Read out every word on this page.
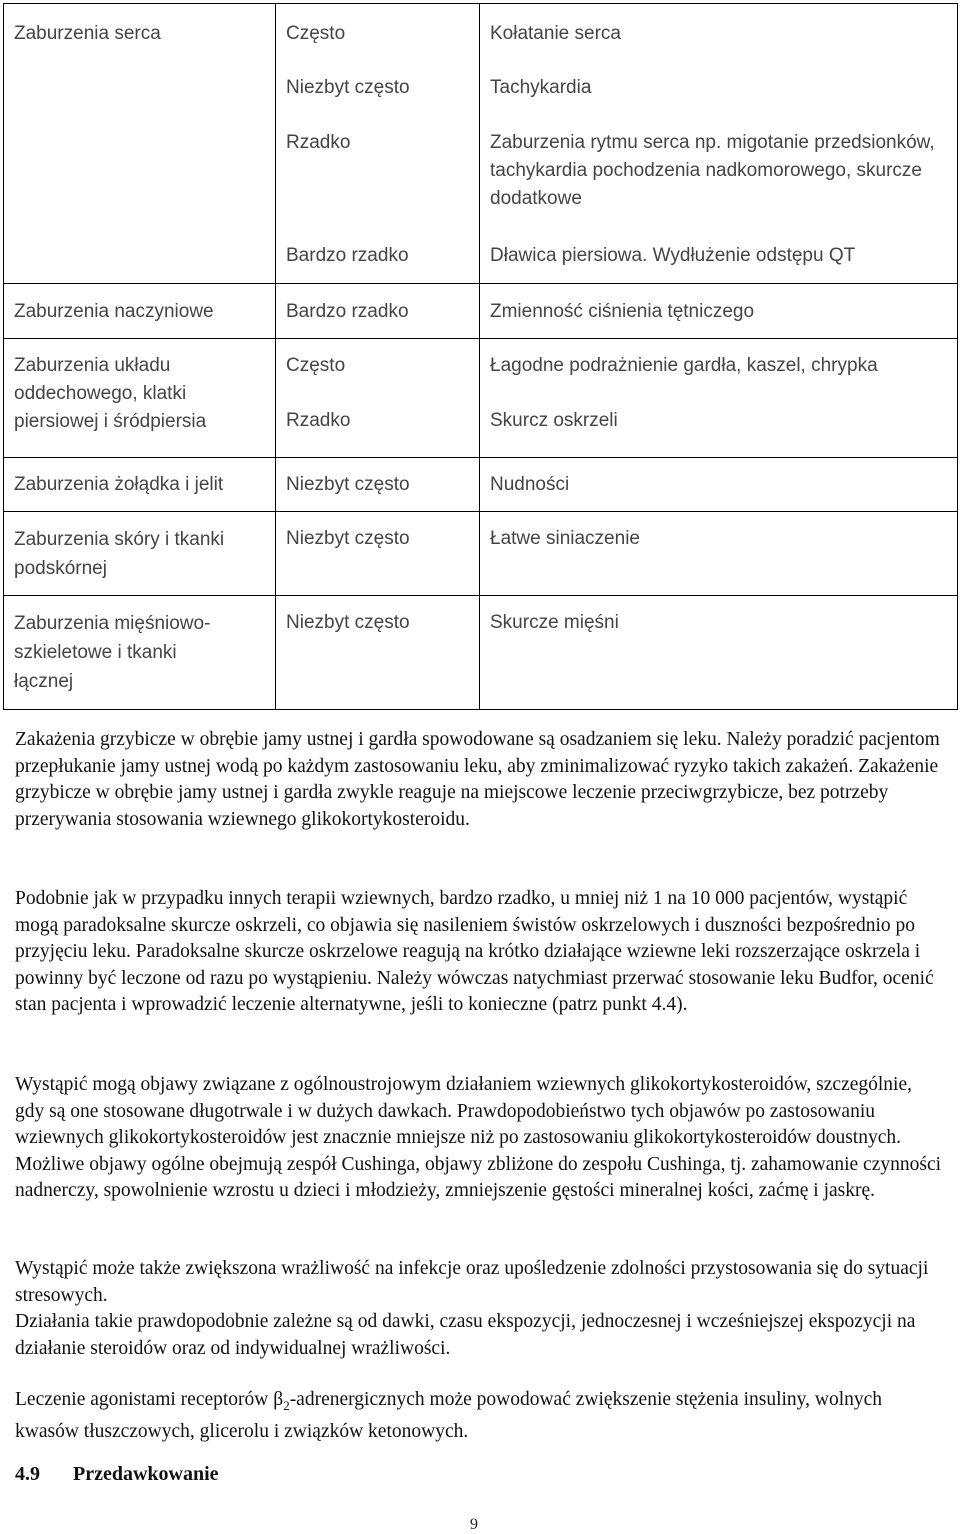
Zaburzenia serca	Często	Kołatanie serca

	Niezbyt często	Tachykardia

	Rzadko	Zaburzenia rytmu serca np. migotanie przedsionków, tachykardia pochodzenia nadkomorowego, skurcze dodatkowe

	Bardzo rzadko	Dławica piersiowa. Wydłużenie odstępu QT

Zaburzenia naczyniowe	Bardzo rzadko	Zmienność ciśnienia tętniczego

Zaburzenia układu oddechowego, klatki piersiowej i śródpiersia	Często	Łagodne podrażnienie gardła, kaszel, chrypka

	Rzadko	Skurcz oskrzeli

Zaburzenia żołądka i jelit	Niezbyt często	Nudności

Zaburzenia skóry i tkanki podskórnej	Niezbyt często	Łatwe siniaczenie

Zaburzenia mięśniowo-szkieletowe i tkanki łącznej	Niezbyt często	Skurcze mięśni
Zakażenia grzybicze w obrębie jamy ustnej i gardła spowodowane są osadzaniem się leku. Należy poradzić pacjentom przepłukanie jamy ustnej wodą po każdym zastosowaniu leku, aby zminimalizować ryzyko takich zakażeń. Zakażenie grzybicze w obrębie jamy ustnej i gardła zwykle reaguje na miejscowe leczenie przeciwgrzybicze, bez potrzeby przerywania stosowania wziewnego glikokortykosteroidu.
Podobnie jak w przypadku innych terapii wziewnych, bardzo rzadko, u mniej niż 1 na 10 000 pacjentów, wystąpić mogą paradoksalne skurcze oskrzeli, co objawia się nasileniem świstów oskrzelowych i duszności bezpośrednio po przyjęciu leku. Paradoksalne skurcze oskrzelowe reagują na krótko działające wziewne leki rozszerzające oskrzela i powinny być leczone od razu po wystąpieniu. Należy wówczas natychmiast przerwać stosowanie leku Budfor, ocenić stan pacjenta i wprowadzić leczenie alternatywne, jeśli to konieczne (patrz punkt 4.4).
Wystąpić mogą objawy związane z ogólnoustrojowym działaniem wziewnych glikokortykosteroidów, szczególnie, gdy są one stosowane długotrwale i w dużych dawkach. Prawdopodobieństwo tych objawów po zastosowaniu wziewnych glikokortykosteroidów jest znacznie mniejsze niż po zastosowaniu glikokortykosteroidów doustnych. Możliwe objawy ogólne obejmują zespół Cushinga, objawy zbliżone do zespołu Cushinga, tj. zahamowanie czynności nadnerczy, spowolnienie wzrostu u dzieci i młodzieży, zmniejszenie gęstości mineralnej kości, zaćmę i jaskrę.
Wystąpić może także zwiększona wrażliwość na infekcje oraz upośledzenie zdolności przystosowania się do sytuacji stresowych.
Działania takie prawdopodobnie zależne są od dawki, czasu ekspozycji, jednoczesnej i wcześniejszej ekspozycji na działanie steroidów oraz od indywidualnej wrażliwości.
Leczenie agonistami receptorów $\beta_2$-adrenergicznych może powodować zwiększenie stężenia insuliny, wolnych kwasów tłuszczowych, glicerolu i związków ketonowych.
4.9 Przedawkowanie
9
